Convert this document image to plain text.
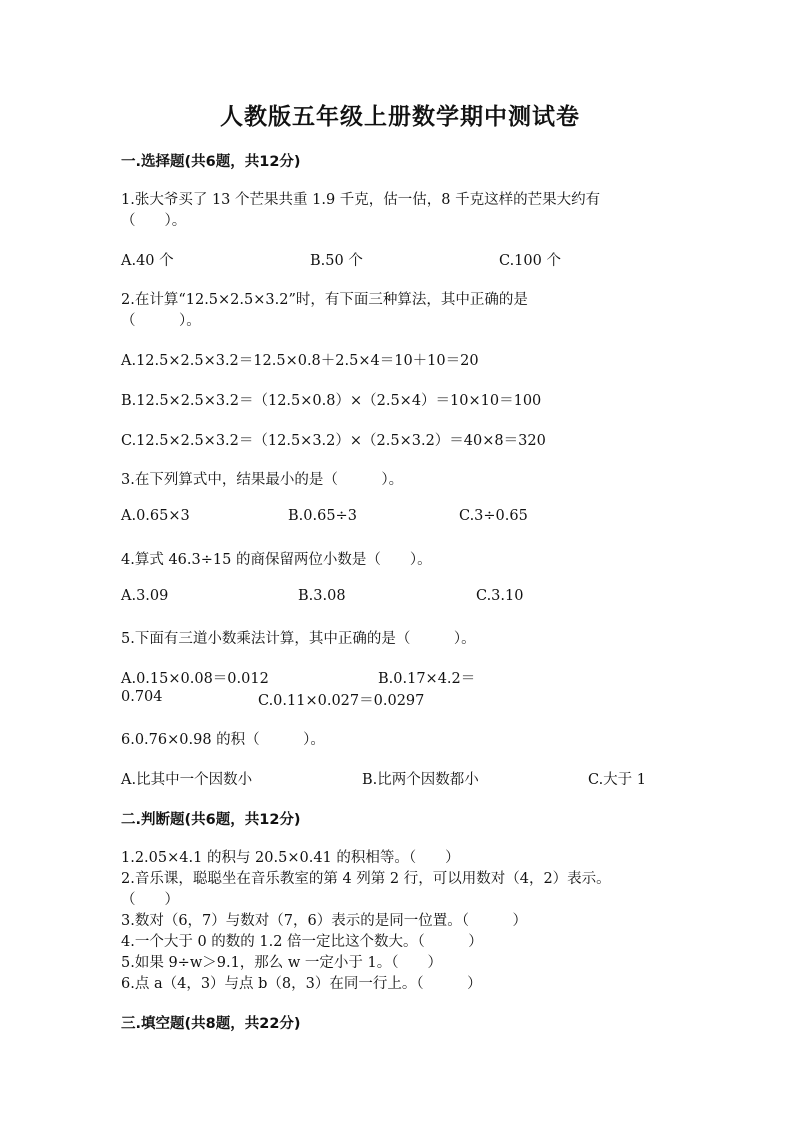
人教版五年级上册数学期中测试卷
一.选择题(共6题，共12分)
1.张大爷买了 13 个芒果共重 1.9 千克，估一估，8 千克这样的芒果大约有
（　　）。
A.40 个	B.50 个	C.100 个
2.在计算“12.5×2.5×3.2”时，有下面三种算法，其中正确的是
（　　　）。
A.12.5×2.5×3.2＝12.5×0.8＋2.5×4＝10＋10＝20
B.12.5×2.5×3.2＝（12.5×0.8）×（2.5×4）＝10×10＝100
C.12.5×2.5×3.2＝（12.5×3.2）×（2.5×3.2）＝40×8＝320
3.在下列算式中，结果最小的是（　　　）。
A.0.65×3	B.0.65÷3	C.3÷0.65
4.算式 46.3÷15 的商保留两位小数是（　　）。
A.3.09	B.3.08	C.3.10
5.下面有三道小数乘法计算，其中正确的是（　　　）。
A.0.15×0.08＝0.012	B.0.17×4.2＝
0.704	C.0.11×0.027＝0.0297
6.0.76×0.98 的积（　　　）。
A.比其中一个因数小	B.比两个因数都小	C.大于 1
二.判断题(共6题，共12分)
1.2.05×4.1 的积与 20.5×0.41 的积相等。（　　）
2.音乐课，聪聪坐在音乐教室的第 4 列第 2 行，可以用数对（4，2）表示。
（　　）
3.数对（6，7）与数对（7，6）表示的是同一位置。（　　　）
4.一个大于 0 的数的 1.2 倍一定比这个数大。（　　　）
5.如果 9÷w＞9.1，那么 w 一定小于 1。（　　）
6.点 a（4，3）与点 b（8，3）在同一行上。（　　　）
三.填空题(共8题，共22分)
